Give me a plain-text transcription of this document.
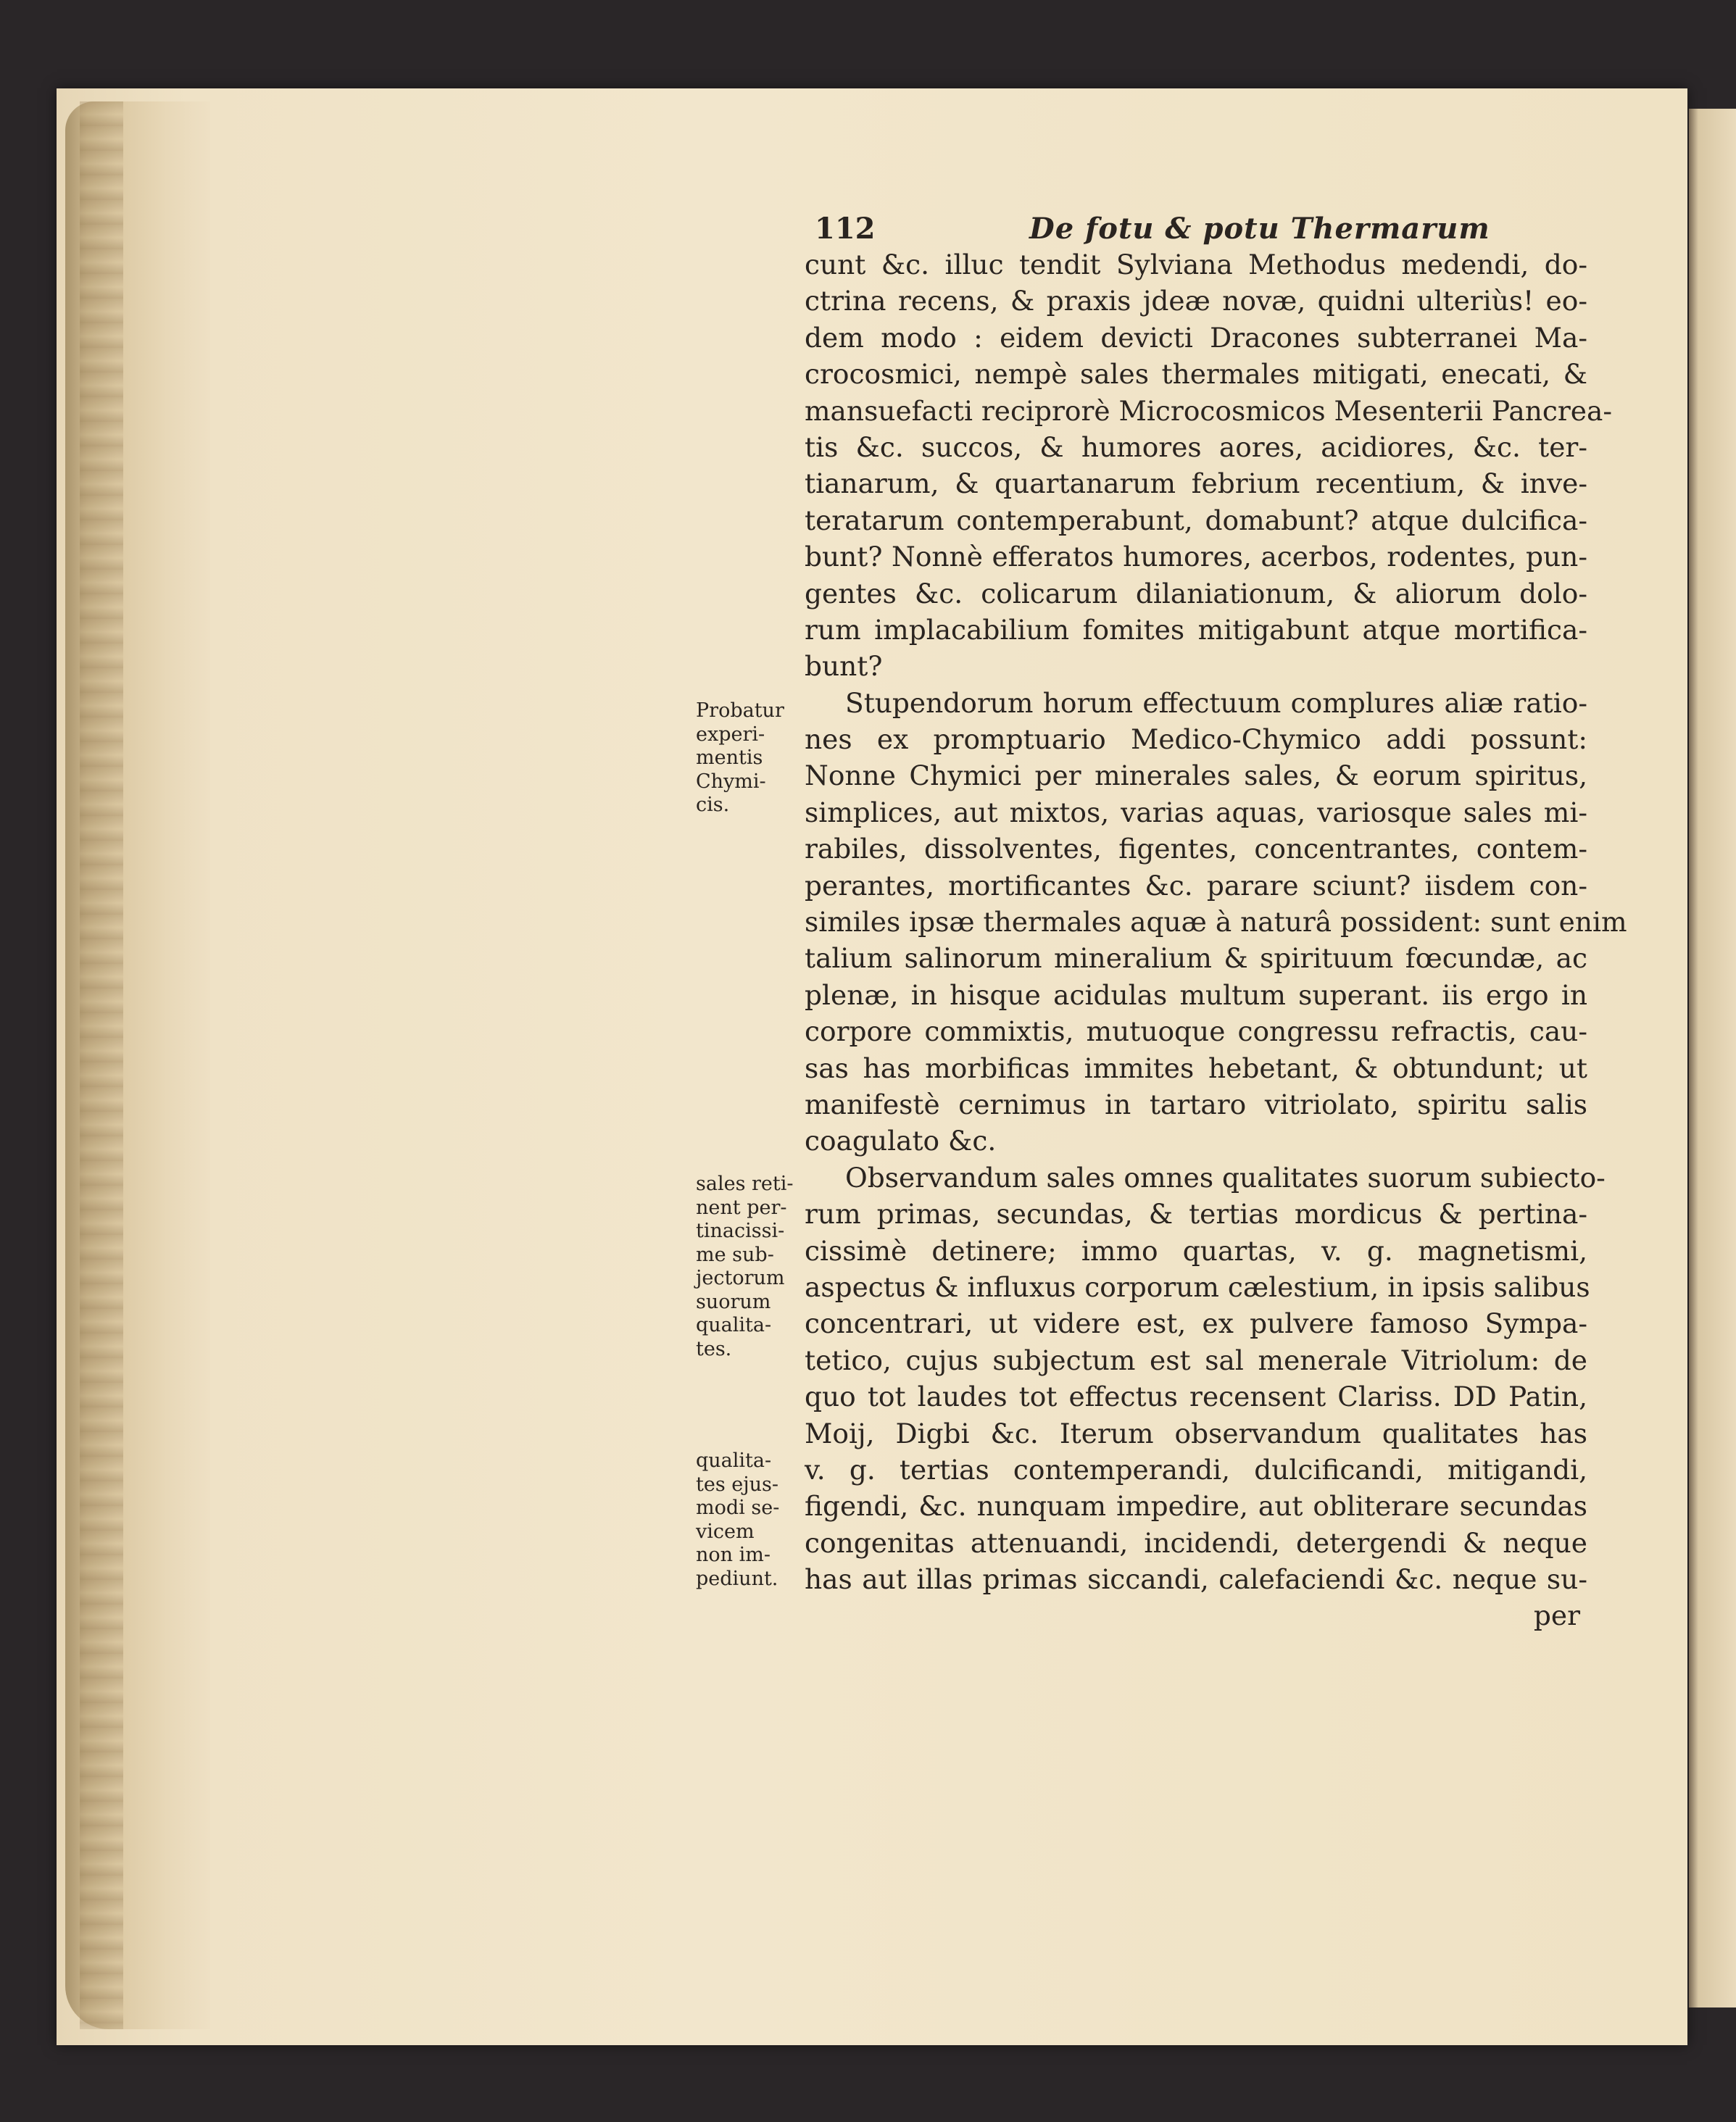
112	De fotu & potu Thermarum
cunt &c. illuc tendit Sylviana Methodus medendi, do-
ctrina recens, & praxis jdeæ novæ, quidni ulteriùs! eo-
dem modo : eidem devicti Dracones subterranei Ma-
crocosmici, nempè sales thermales mitigati, enecati, &
mansuefacti reciprorè Microcosmicos Mesenterii Pancrea-
tis &c. succos, & humores aores, acidiores, &c. ter-
tianarum, & quartanarum febrium recentium, & inve-
teratarum contemperabunt, domabunt? atque dulcifica-
bunt? Nonnè efferatos humores, acerbos, rodentes, pun-
gentes &c. colicarum dilaniationum, & aliorum dolo-
rum implacabilium fomites mitigabunt atque mortifica-
bunt?
Stupendorum horum effectuum complures aliæ ratio-
nes ex promptuario Medico-Chymico addi possunt:
Nonne Chymici per minerales sales, & eorum spiritus,
simplices, aut mixtos, varias aquas, variosque sales mi-
rabiles, dissolventes, figentes, concentrantes, contem-
perantes, mortificantes &c. parare sciunt? iisdem con-
similes ipsæ thermales aquæ à naturâ possident: sunt enim
talium salinorum mineralium & spirituum fœcundæ, ac
plenæ, in hisque acidulas multum superant. iis ergo in
corpore commixtis, mutuoque congressu refractis, cau-
sas has morbificas immites hebetant, & obtundunt; ut
manifestè cernimus in tartaro vitriolato, spiritu salis
coagulato &c.
Observandum sales omnes qualitates suorum subiecto-
rum primas, secundas, & tertias mordicus & pertina-
cissimè detinere; immo quartas, v. g. magnetismi,
aspectus & influxus corporum cælestium, in ipsis salibus
concentrari, ut videre est, ex pulvere famoso Sympa-
tetico, cujus subjectum est sal menerale Vitriolum: de
quo tot laudes tot effectus recensent Clariss. DD Patin,
Moij, Digbi &c. Iterum observandum qualitates has
v. g. tertias contemperandi, dulcificandi, mitigandi,
figendi, &c. nunquam impedire, aut obliterare secundas
congenitas attenuandi, incidendi, detergendi & neque
has aut illas primas siccandi, calefaciendi &c. neque su-
per
Probatur
experi-
mentis
Chymi-
cis.
sales reti-
nent per-
tinacissi-
me sub-
jectorum
suorum
qualita-
tes.
qualita-
tes ejus-
modi se-
vicem
non im-
pediunt.
